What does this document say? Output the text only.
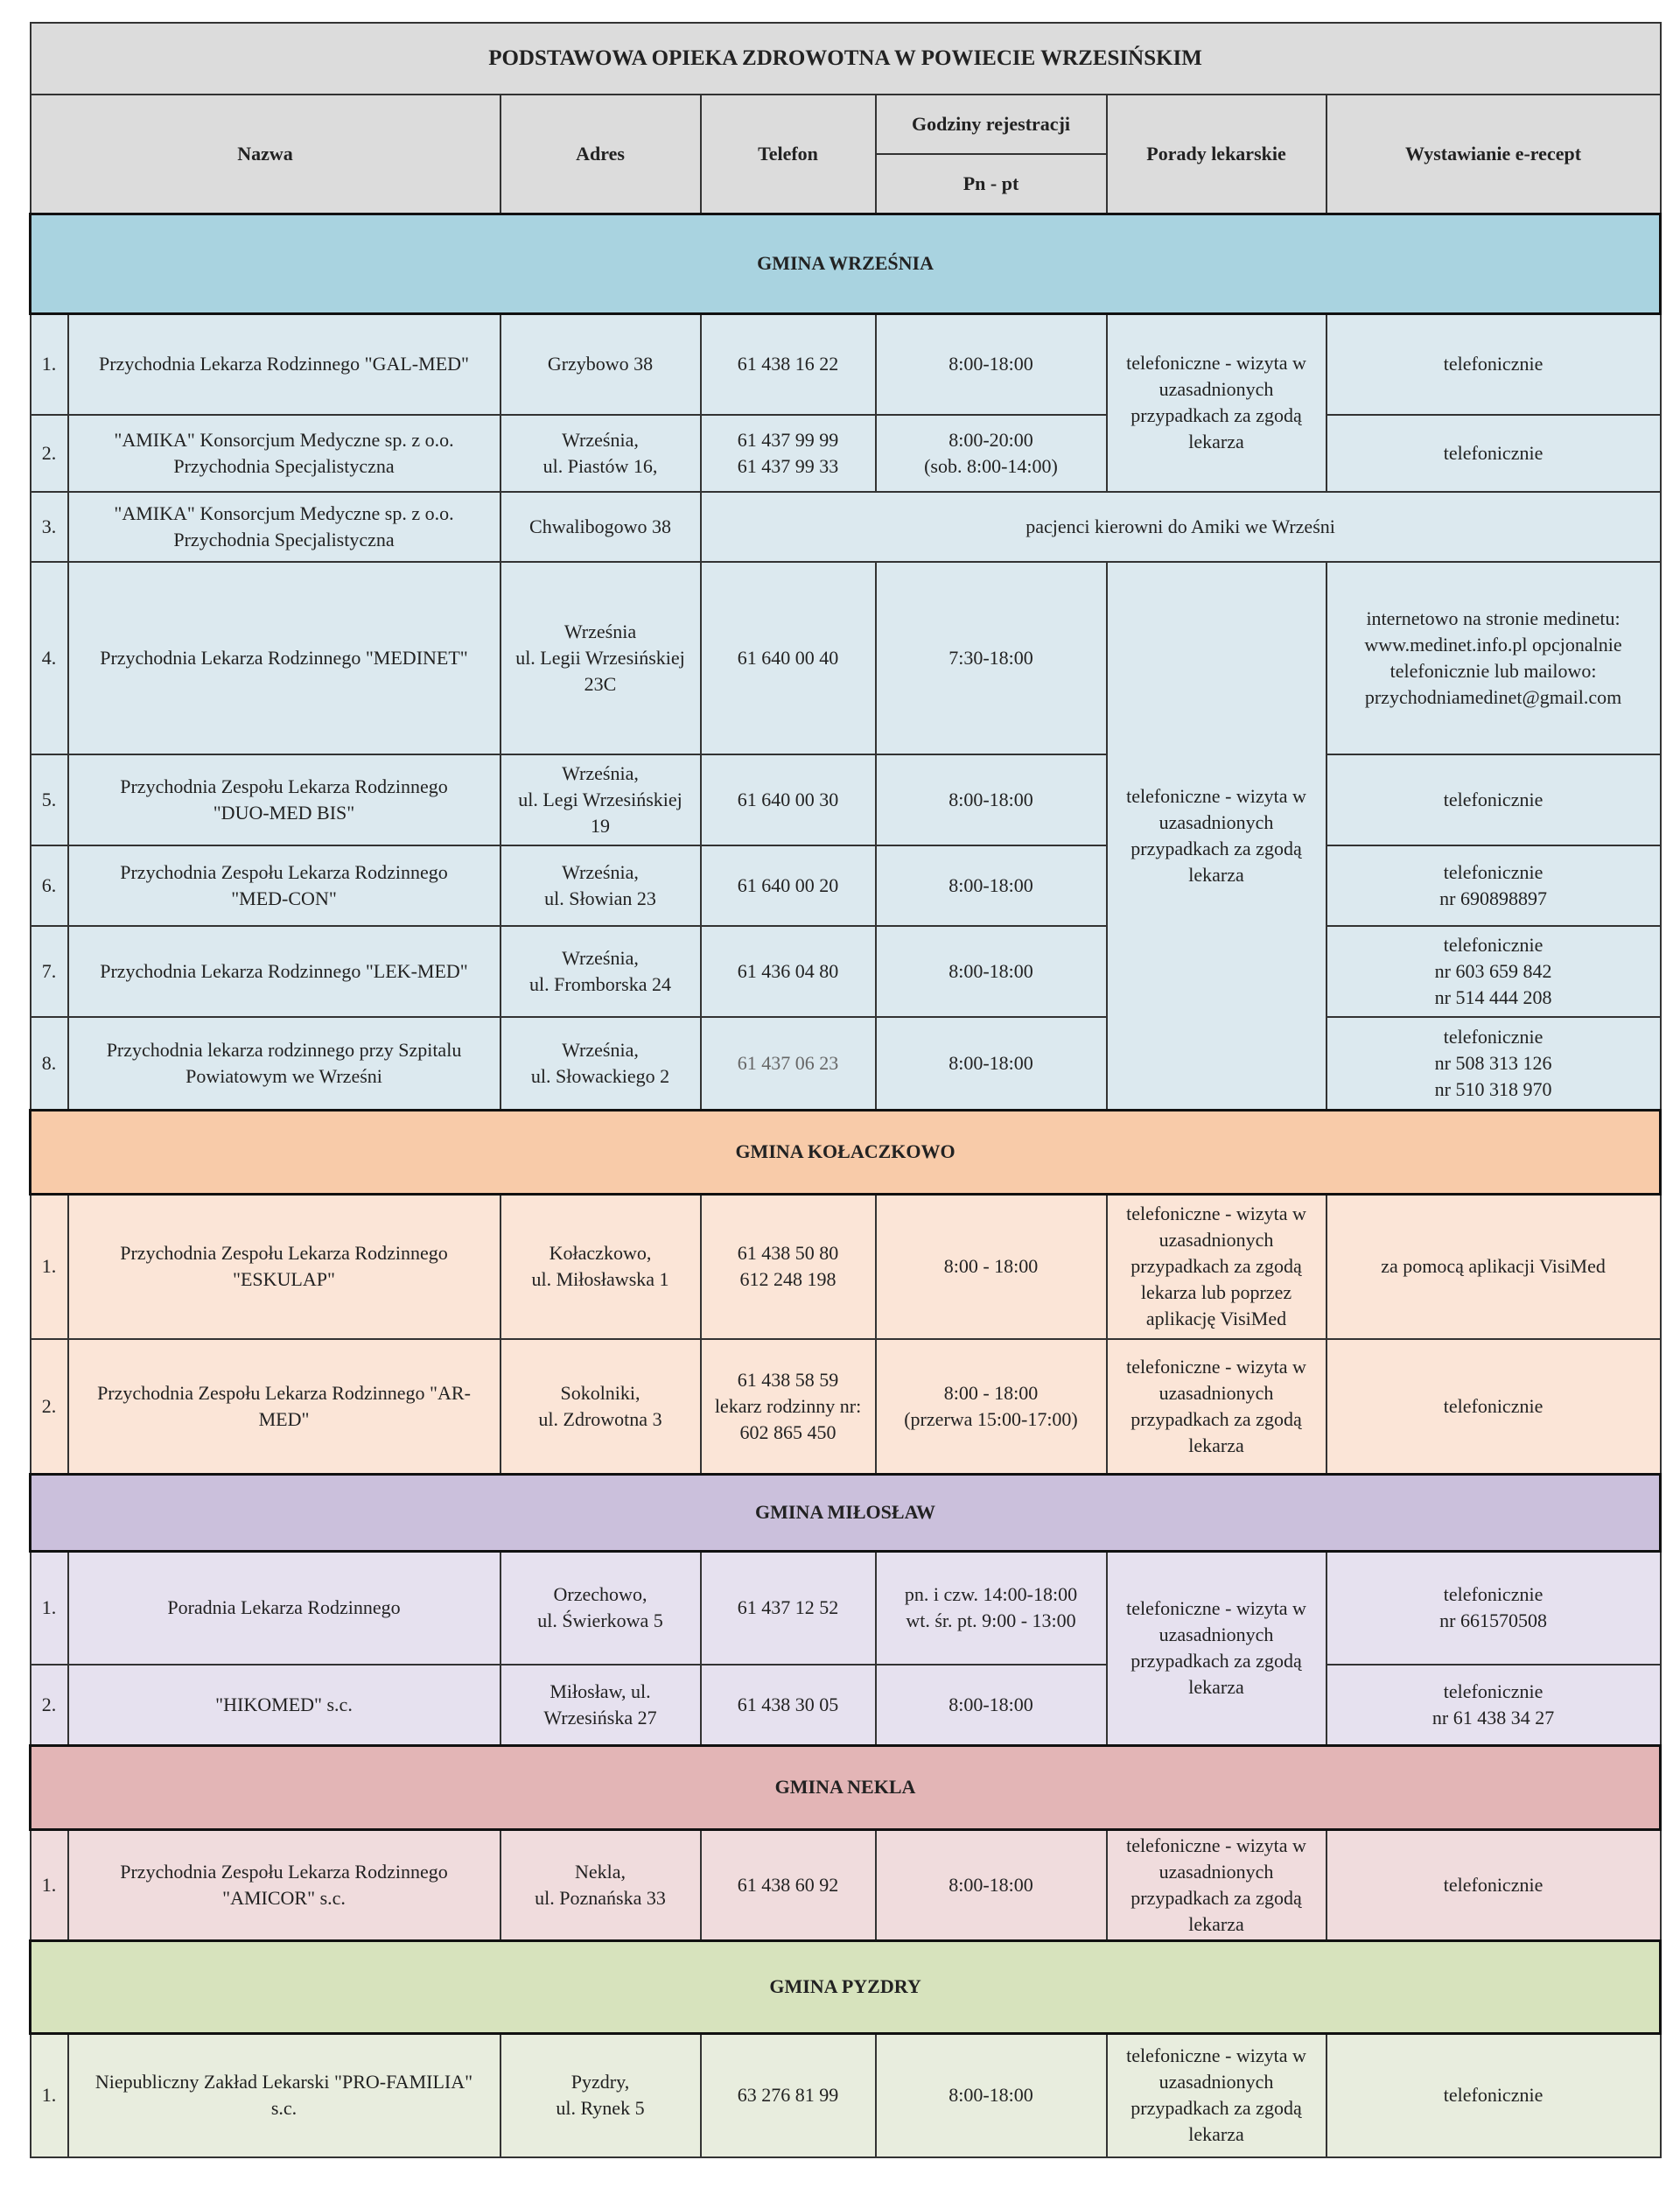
PODSTAWOWA OPIEKA ZDROWOTNA W POWIECIE WRZESIŃSKIM						
Nazwa		Adres	Telefon	Godziny rejestracji	Porady lekarskie	Wystawianie e-recept
				Pn - pt		
GMINA WRZEŚNIA						
1.	Przychodnia Lekarza Rodzinnego "GAL-MED"	Grzybowo 38	61 438 16 22	8:00-18:00	telefoniczne - wizyta w
uzasadnionych
przypadkach za zgodą
lekarza	telefonicznie
2.	"AMIKA" Konsorcjum Medyczne sp. z o.o.
Przychodnia Specjalistyczna	Września,
ul. Piastów 16,	61 437 99 99
61 437 99 33	8:00-20:00
(sob. 8:00-14:00)		telefonicznie
3.	"AMIKA" Konsorcjum Medyczne sp. z o.o.
Przychodnia Specjalistyczna	Chwalibogowo 38	pacjenci kierowni do Amiki we Wrześni			
4.	Przychodnia Lekarza Rodzinnego "MEDINET"	Września
ul. Legii Wrzesińskiej
23C	61 640 00 40	7:30-18:00	telefoniczne - wizyta w
uzasadnionych
przypadkach za zgodą
lekarza	internetowo na stronie medinetu:
www.medinet.info.pl opcjonalnie
telefonicznie lub mailowo:
przychodniamedinet@gmail.com
5.	Przychodnia Zespołu Lekarza Rodzinnego
"DUO-MED BIS"	Września,
ul. Legi Wrzesińskiej
19	61 640 00 30	8:00-18:00		telefonicznie
6.	Przychodnia Zespołu Lekarza Rodzinnego
"MED-CON"	Września,
ul. Słowian 23	61 640 00 20	8:00-18:00		telefonicznie
nr 690898897
7.	Przychodnia Lekarza Rodzinnego "LEK-MED"	Września,
ul. Fromborska 24	61 436 04 80	8:00-18:00		telefonicznie
nr 603 659 842
nr 514 444 208
8.	Przychodnia lekarza rodzinnego przy Szpitalu
Powiatowym we Wrześni	Września,
ul. Słowackiego 2	61 437 06 23	8:00-18:00		telefonicznie
nr 508 313 126
nr 510 318 970
GMINA KOŁACZKOWO						
1.	Przychodnia Zespołu Lekarza Rodzinnego
"ESKULAP"	Kołaczkowo,
ul. Miłosławska 1	61 438 50 80
612 248 198	8:00 - 18:00	telefoniczne - wizyta w
uzasadnionych
przypadkach za zgodą
lekarza lub poprzez
aplikację VisiMed	za pomocą aplikacji VisiMed
2.	Przychodnia Zespołu Lekarza Rodzinnego "AR-
MED"	Sokolniki,
ul. Zdrowotna 3	61 438 58 59
lekarz rodzinny nr:
602 865 450	8:00 - 18:00
(przerwa 15:00-17:00)	telefoniczne - wizyta w
uzasadnionych
przypadkach za zgodą
lekarza	telefonicznie
GMINA MIŁOSŁAW						
1.	Poradnia Lekarza Rodzinnego	Orzechowo,
ul. Świerkowa 5	61 437 12 52	pn. i czw. 14:00-18:00
wt. śr. pt. 9:00 - 13:00	telefoniczne - wizyta w
uzasadnionych
przypadkach za zgodą
lekarza	telefonicznie
nr 661570508
2.	"HIKOMED" s.c.	Miłosław, ul.
Wrzesińska 27	61 438 30 05	8:00-18:00		telefonicznie
nr 61 438 34 27
GMINA NEKLA						
1.	Przychodnia Zespołu Lekarza Rodzinnego
"AMICOR" s.c.	Nekla,
ul. Poznańska 33	61 438 60 92	8:00-18:00	telefoniczne - wizyta w
uzasadnionych
przypadkach za zgodą
lekarza	telefonicznie
GMINA PYZDRY						
1.	Niepubliczny Zakład Lekarski "PRO-FAMILIA"
s.c.	Pyzdry,
ul. Rynek 5	63 276 81 99	8:00-18:00	telefoniczne - wizyta w
uzasadnionych
przypadkach za zgodą
lekarza	telefonicznie
